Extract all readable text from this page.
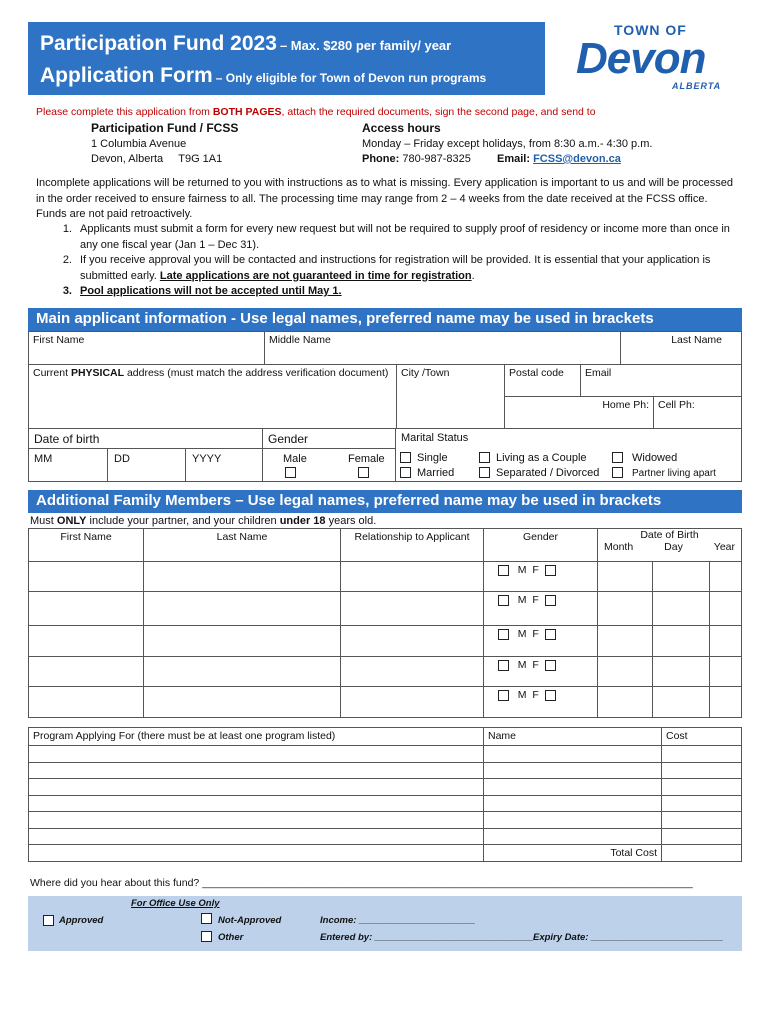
Participation Fund 2023 – Max. $280 per family/ year
Application Form – Only eligible for Town of Devon run programs
TOWN OF
Devon
ALBERTA
Please complete this application from BOTH PAGES, attach the required documents, sign the second page, and send to
Participation Fund / FCSS
1 Columbia Avenue
Devon, Alberta     T9G 1A1
Access hours
Monday – Friday except holidays, from 8:30 a.m.- 4:30 p.m.
Phone: 780-987-8325 Email: FCSS@devon.ca
Incomplete applications will be returned to you with instructions as to what is missing. Every application is important to us and will be processed in the order received to ensure fairness to all. The processing time may range from 2 – 4 weeks from the date received at the FCSS office. Funds are not paid retroactively.
1. Applicants must submit a form for every new request but will not be required to supply proof of residency or income more than once in any one fiscal year (Jan 1 – Dec 31).
2. If you receive approval you will be contacted and instructions for registration will be provided. It is essential that your application is submitted early. Late applications are not guaranteed in time for registration.
3. Pool applications will not be accepted until May 1.
Main applicant information - Use legal names, preferred name may be used in brackets
First Name	Middle Name	Last Name
Current PHYSICAL address (must match the address verification document)	City /Town	Postal code	Email	
		Home Ph:		Cell Ph:
Date of birth
MM	DD	YYYY
Gender
Male	Female
Marital Status
Single
Married
Living as a Couple
Separated / Divorced
Widowed
Partner living apart
Additional Family Members – Use legal names, preferred name may be used in brackets
Must ONLY include your partner, and your children under 18 years old.
First Name	Last Name	Relationship to Applicant	Gender	Date of Birth
Month Day Year

			M F	

			M F	

			M F	

			M F	

			M F	
Program Applying For (there must be at least one program listed)	Name	Cost

	Total Cost	
Where did you hear about this fund? ____________________________________________________________________________________
For Office Use Only
Approved	Not-Approved
Other
Income: ______________________
Entered by: ______________________________ Expiry Date: _________________________
